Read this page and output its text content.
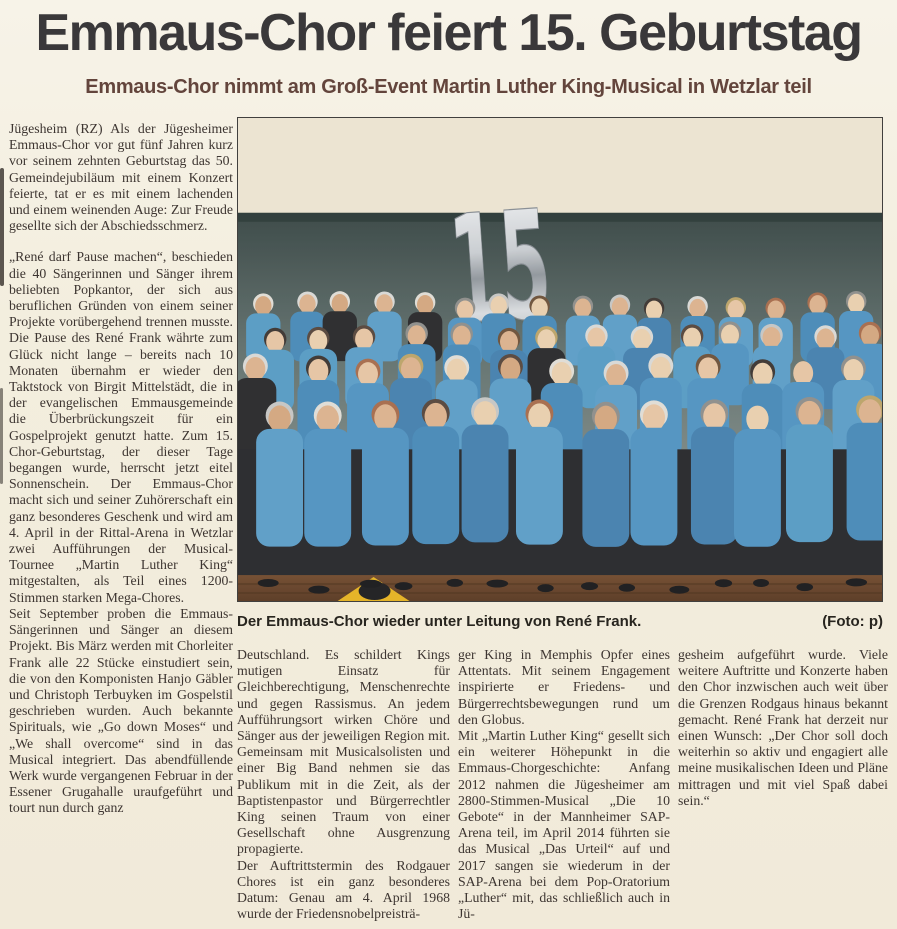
Emmaus-Chor feiert 15. Geburtstag
Emmaus-Chor nimmt am Groß-Event Martin Luther King-Musical in Wetzlar teil

Jügesheim (RZ) Als der Jügesheimer Emmaus-Chor vor gut fünf Jahren kurz vor seinem zehnten Geburtstag das 50. Gemeindejubiläum mit einem Konzert feierte, tat er es mit einem lachenden und einem weinenden Auge: Zur Freude gesellte sich der Abschiedsschmerz.

„René darf Pause machen“, beschieden die 40 Sängerinnen und Sänger ihrem beliebten Popkantor, der sich aus beruflichen Gründen von einem seiner Projekte vorübergehend trennen musste. Die Pause des René Frank währte zum Glück nicht lange – bereits nach 10 Monaten übernahm er wieder den Taktstock von Birgit Mittelstädt, die in der evangelischen Emmausgemeinde die Überbrückungszeit für ein Gospelprojekt genutzt hatte. Zum 15. Chor-Geburtstag, der dieser Tage begangen wurde, herrscht jetzt eitel Sonnenschein. Der Emmaus-Chor macht sich und seiner Zuhörerschaft ein ganz besonderes Geschenk und wird am 4. April in der Rittal-Arena in Wetzlar zwei Aufführungen der Musical-Tournee „Martin Luther King“ mitgestalten, als Teil eines 1200-Stimmen starken Mega-Chores.

Seit September proben die Emmaus-Sängerinnen und Sänger an diesem Projekt. Bis März werden mit Chorleiter Frank alle 22 Stücke einstudiert sein, die von den Komponisten Hanjo Gäbler und Christoph Terbuyken im Gospelstil geschrieben wurden. Auch bekannte Spirituals, wie „Go down Moses“ und „We shall overcome“ sind in das Musical integriert. Das abendfüllende Werk wurde vergangenen Februar in der Essener Grugahalle uraufgeführt und tourt nun durch ganz

Der Emmaus-Chor wieder unter Leitung von René Frank.	(Foto: p)

Deutschland. Es schildert Kings mutigen Einsatz für Gleichberechtigung, Menschenrechte und gegen Rassismus. An jedem Aufführungsort wirken Chöre und Sänger aus der jeweiligen Region mit. Gemeinsam mit Musicalsolisten und einer Big Band nehmen sie das Publikum mit in die Zeit, als der Baptistenpastor und Bürgerrechtler King seinen Traum von einer Gesellschaft ohne Ausgrenzung propagierte.

Der Auftrittstermin des Rodgauer Chores ist ein ganz besonderes Datum: Genau am 4. April 1968 wurde der Friedensnobelpreisträ-

ger King in Memphis Opfer eines Attentats. Mit seinem Engagement inspirierte er Friedens- und Bürgerrechtsbewegungen rund um den Globus.

Mit „Martin Luther King“ gesellt sich ein weiterer Höhepunkt in die Emmaus-Chorgeschichte: Anfang 2012 nahmen die Jügesheimer am 2800-Stimmen-Musical „Die 10 Gebote“ in der Mannheimer SAP-Arena teil, im April 2014 führten sie das Musical „Das Urteil“ auf und 2017 sangen sie wiederum in der SAP-Arena bei dem Pop-Oratorium „Luther“ mit, das schließlich auch in Jü-

gesheim aufgeführt wurde. Viele weitere Auftritte und Konzerte haben den Chor inzwischen auch weit über die Grenzen Rodgaus hinaus bekannt gemacht. René Frank hat derzeit nur einen Wunsch: „Der Chor soll doch weiterhin so aktiv und engagiert alle meine musikalischen Ideen und Pläne mittragen und mit viel Spaß dabei sein.“
